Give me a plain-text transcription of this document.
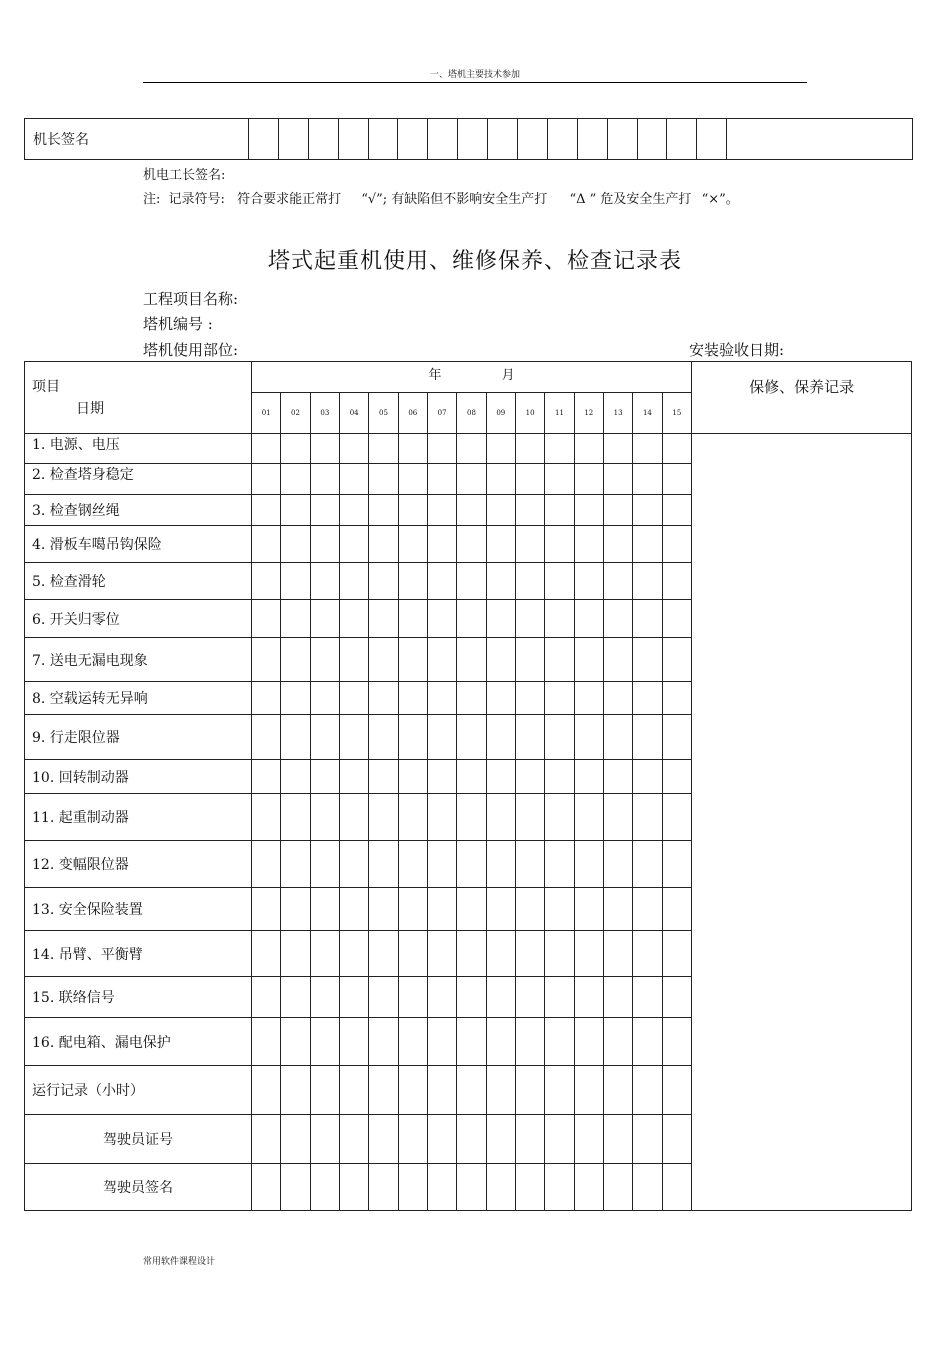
一、塔机主要技术参加
机长签名																	
机电工长签名:
注: 记录符号: 符合要求能正常打 “√”; 有缺陷但不影响安全生产打 “Δ ” 危及安全生产打 “×”。
塔式起重机使用、维修保养、检查记录表
工程项目名称:
塔机编号 :
塔机使用部位:	安装验收日期:
项目
日期	年 月															保修、保养记录
	01	02	03	04	05	06	07	08	09	10	11	12	13	14	15	
1. 电源、电压																
2. 检查塔身稳定																
3. 检查钢丝绳																
4. 滑板车噶吊钩保险																
5. 检查滑轮																
6. 开关归零位																
7. 送电无漏电现象																
8. 空载运转无异响																
9. 行走限位器																
10. 回转制动器																
11. 起重制动器																
12. 变幅限位器																
13. 安全保险装置																
14. 吊臂、平衡臂																
15. 联络信号																
16. 配电箱、漏电保护																
运行记录（小时）																
驾驶员证号																
驾驶员签名																
常用软件课程设计
